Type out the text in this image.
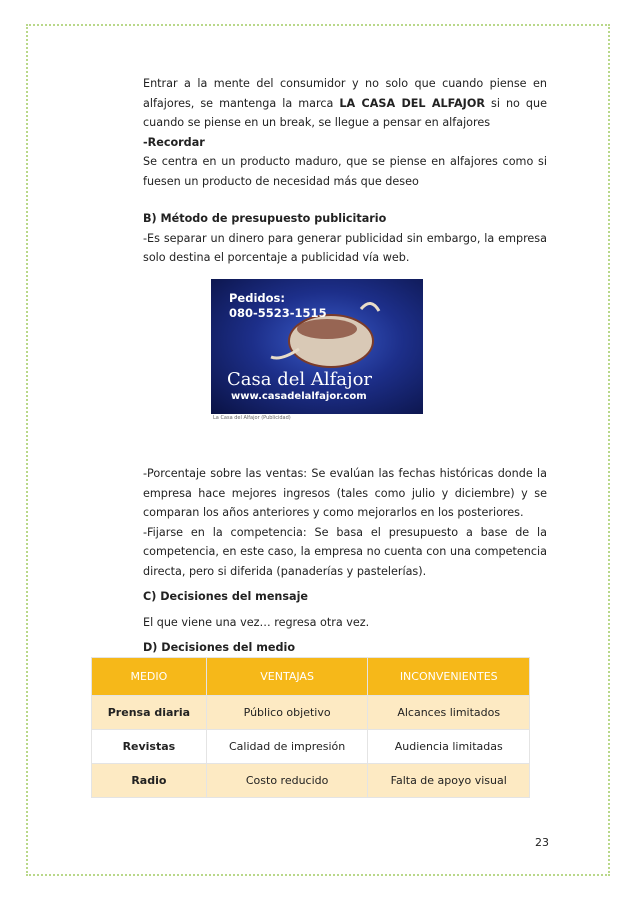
Entrar a la mente del consumidor y no solo que cuando piense en alfajores, se mantenga la marca LA CASA DEL ALFAJOR si no que cuando se piense en un break, se llegue a pensar en alfajores

-Recordar

Se centra en un producto maduro, que se piense en alfajores como si fuesen un producto de necesidad más que deseo

B) Método de presupuesto publicitario

-Es separar un dinero para generar publicidad sin embargo, la empresa solo destina el porcentaje a publicidad vía web.

Pedidos:
080-5523-1515
Casa del Alfajor
www.casadelalfajor.com
La Casa del Alfajor (Publicidad)

-Porcentaje sobre las ventas: Se evalúan las fechas históricas donde la empresa hace mejores ingresos (tales como julio y diciembre) y se comparan los años anteriores y como mejorarlos en los posteriores.

-Fijarse en la competencia: Se basa el presupuesto a base de la competencia, en este caso, la empresa no cuenta con una competencia directa, pero si diferida (panaderías y pastelerías).

C) Decisiones del mensaje

El que viene una vez… regresa otra vez.

D) Decisiones del medio

MEDIO	VENTAJAS	INCONVENIENTES
Prensa diaria	Público objetivo	Alcances limitados
Revistas	Calidad de impresión	Audiencia limitadas
Radio	Costo reducido	Falta de apoyo visual
23
